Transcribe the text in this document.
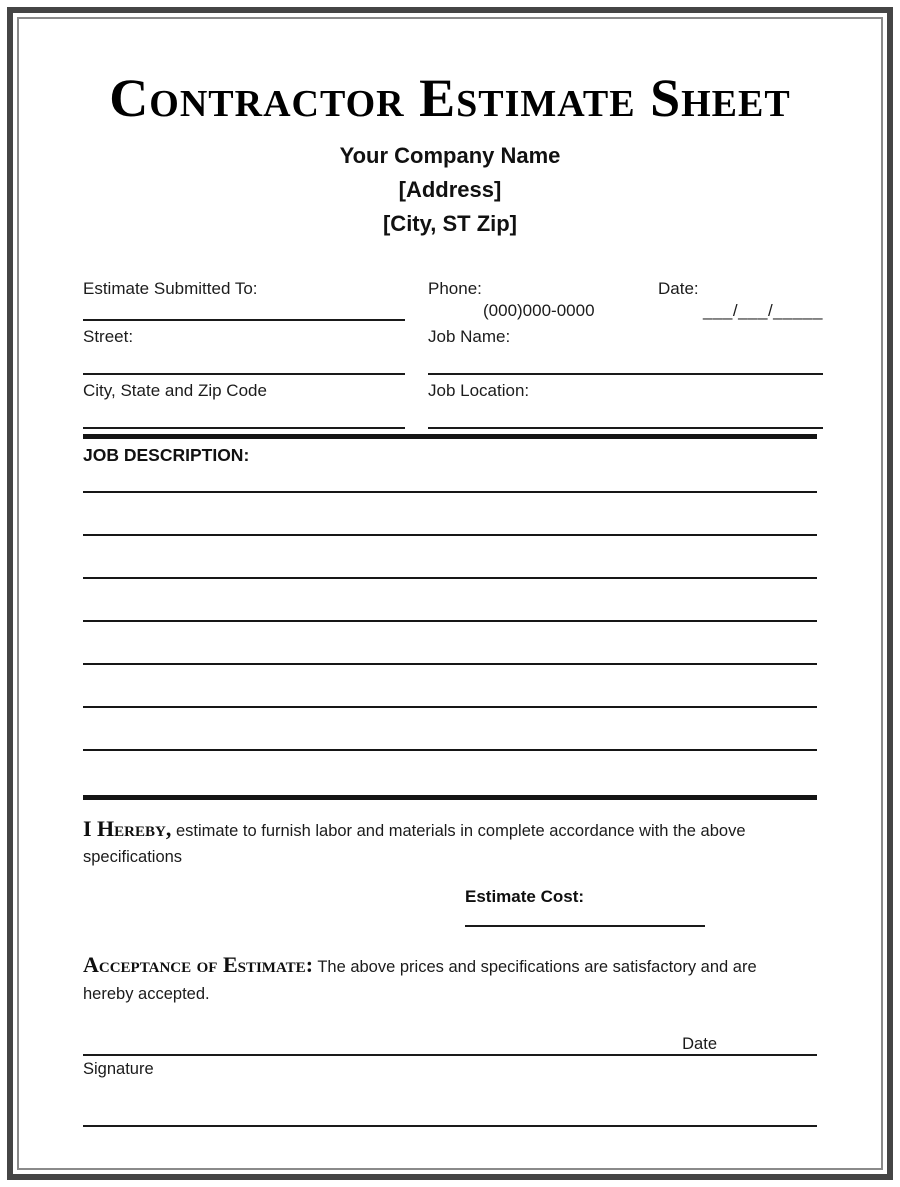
Contractor Estimate Sheet
Your Company Name
[Address]
[City, ST Zip]
Estimate Submitted To:	Phone:	Date:
(000)000-0000	___/___/_____
Street:	Job Name:
City, State and Zip Code	Job Location:
JOB DESCRIPTION:

I Hereby, estimate to furnish labor and materials in complete accordance with the above specifications

Estimate Cost:

Acceptance of Estimate: The above prices and specifications are satisfactory and are hereby accepted.

Date
Signature
